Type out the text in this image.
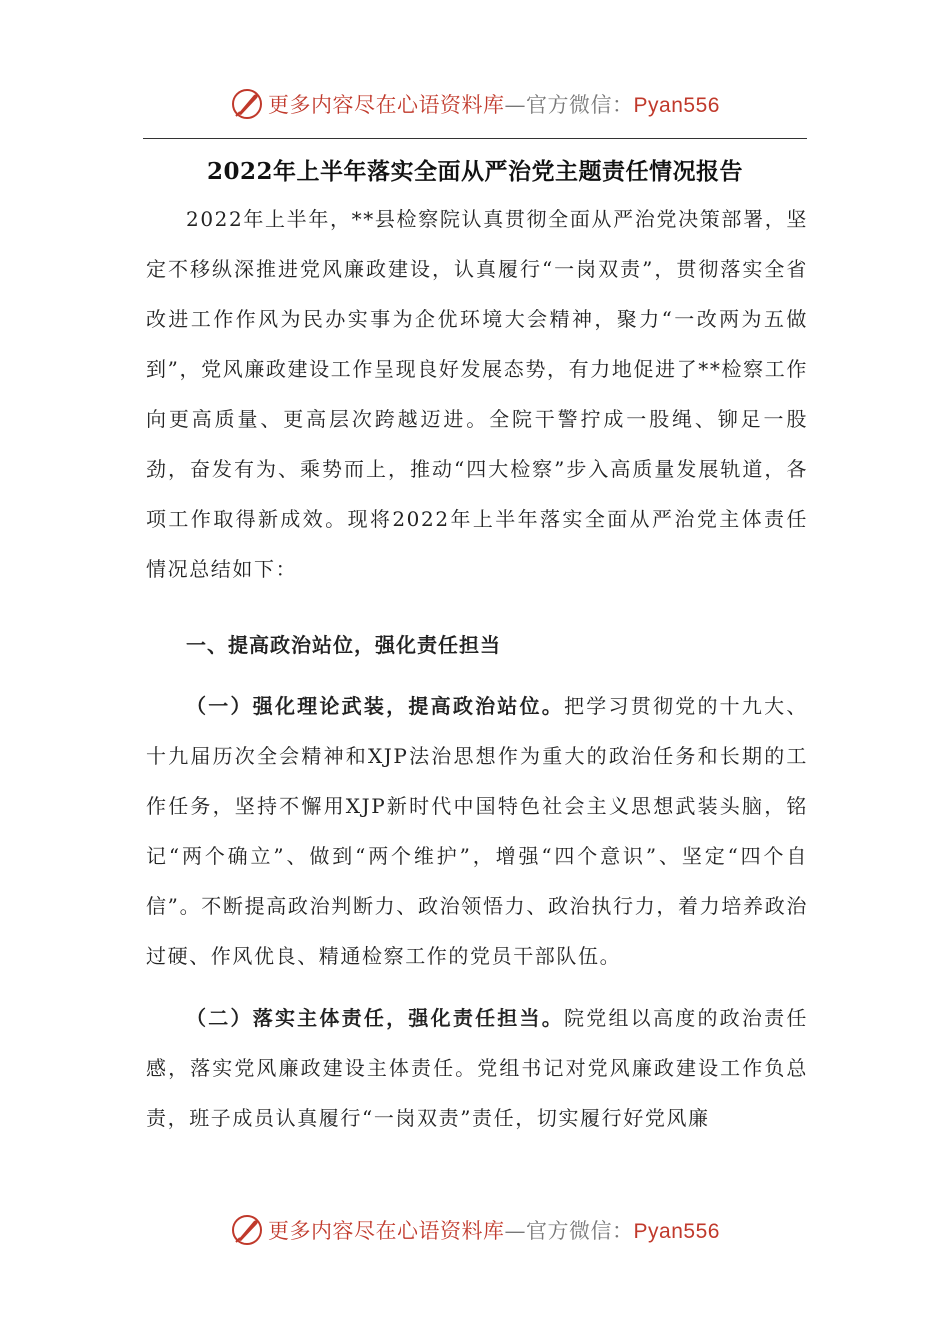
更多内容尽在心语资料库—官方微信：Pyan556
2022年上半年落实全面从严治党主题责任情况报告

2022年上半年，**县检察院认真贯彻全面从严治党决策部署，坚定不移纵深推进党风廉政建设，认真履行“一岗双责”，贯彻落实全省改进工作作风为民办实事为企优环境大会精神，聚力“一改两为五做到”，党风廉政建设工作呈现良好发展态势，有力地促进了**检察工作向更高质量、更高层次跨越迈进。全院干警拧成一股绳、铆足一股劲，奋发有为、乘势而上，推动“四大检察”步入高质量发展轨道，各项工作取得新成效。现将2022年上半年落实全面从严治党主体责任情况总结如下：

一、提高政治站位，强化责任担当

（一）强化理论武装，提高政治站位。把学习贯彻党的十九大、十九届历次全会精神和XJP法治思想作为重大的政治任务和长期的工作任务，坚持不懈用XJP新时代中国特色社会主义思想武装头脑，铭记“两个确立”、做到“两个维护”，增强“四个意识”、坚定“四个自信”。不断提高政治判断力、政治领悟力、政治执行力，着力培养政治过硬、作风优良、精通检察工作的党员干部队伍。

（二）落实主体责任，强化责任担当。院党组以高度的政治责任感，落实党风廉政建设主体责任。党组书记对党风廉政建设工作负总责，班子成员认真履行“一岗双责”责任，切实履行好党风廉

更多内容尽在心语资料库—官方微信：Pyan556
